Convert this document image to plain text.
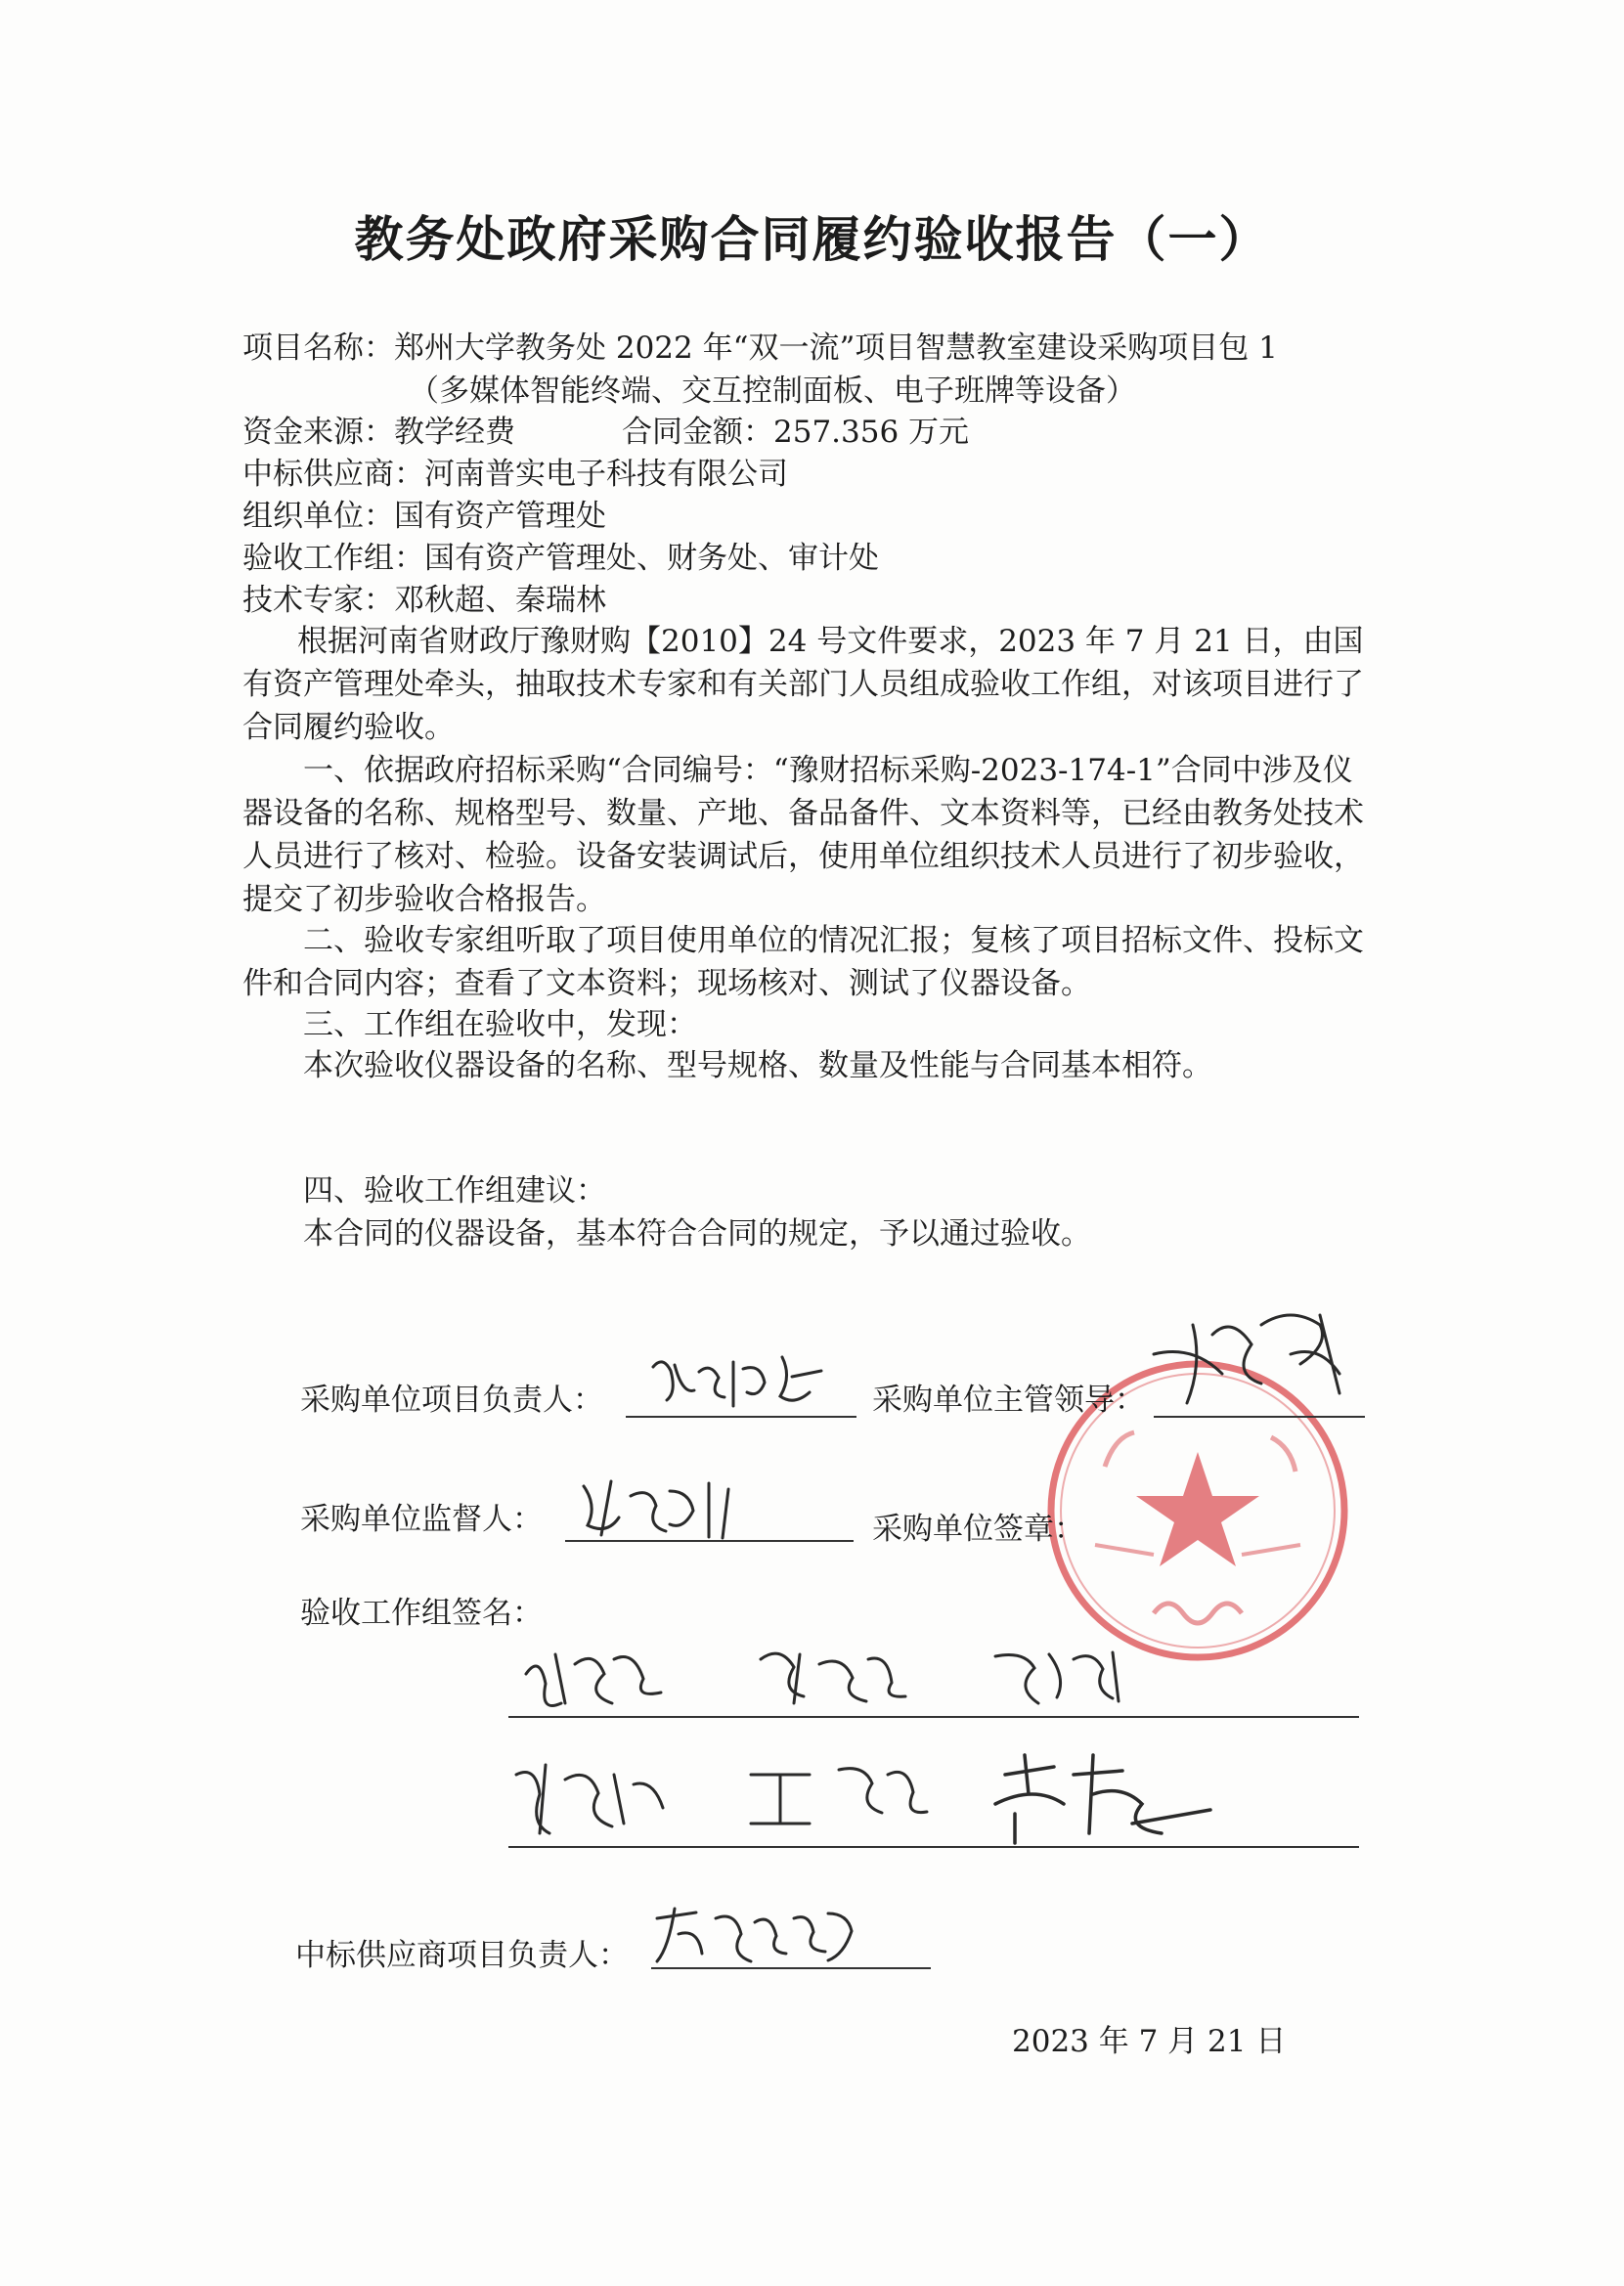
教务处政府采购合同履约验收报告（一）
项目名称：郑州大学教务处 2022 年“双一流”项目智慧教室建设采购项目包 1
（多媒体智能终端、交互控制面板、电子班牌等设备）
资金来源：教学经费	合同金额：257.356 万元
中标供应商：河南普实电子科技有限公司
组织单位：国有资产管理处
验收工作组：国有资产管理处、财务处、审计处
技术专家：邓秋超、秦瑞林
根据河南省财政厅豫财购【2010】24 号文件要求，2023 年 7 月 21 日，由国有资产管理处牵头，抽取技术专家和有关部门人员组成验收工作组，对该项目进行了合同履约验收。
一、依据政府招标采购“合同编号：“豫财招标采购-2023-174-1”合同中涉及仪器设备的名称、规格型号、数量、产地、备品备件、文本资料等，已经由教务处技术人员进行了核对、检验。设备安装调试后，使用单位组织技术人员进行了初步验收，提交了初步验收合格报告。
二、验收专家组听取了项目使用单位的情况汇报；复核了项目招标文件、投标文件和合同内容；查看了文本资料；现场核对、测试了仪器设备。
三、工作组在验收中，发现：
本次验收仪器设备的名称、型号规格、数量及性能与合同基本相符。
四、验收工作组建议：
本合同的仪器设备，基本符合合同的规定，予以通过验收。
采购单位项目负责人：	采购单位主管领导：
采购单位监督人：	采购单位签章：
验收工作组签名：
中标供应商项目负责人：
2023 年 7 月 21 日
